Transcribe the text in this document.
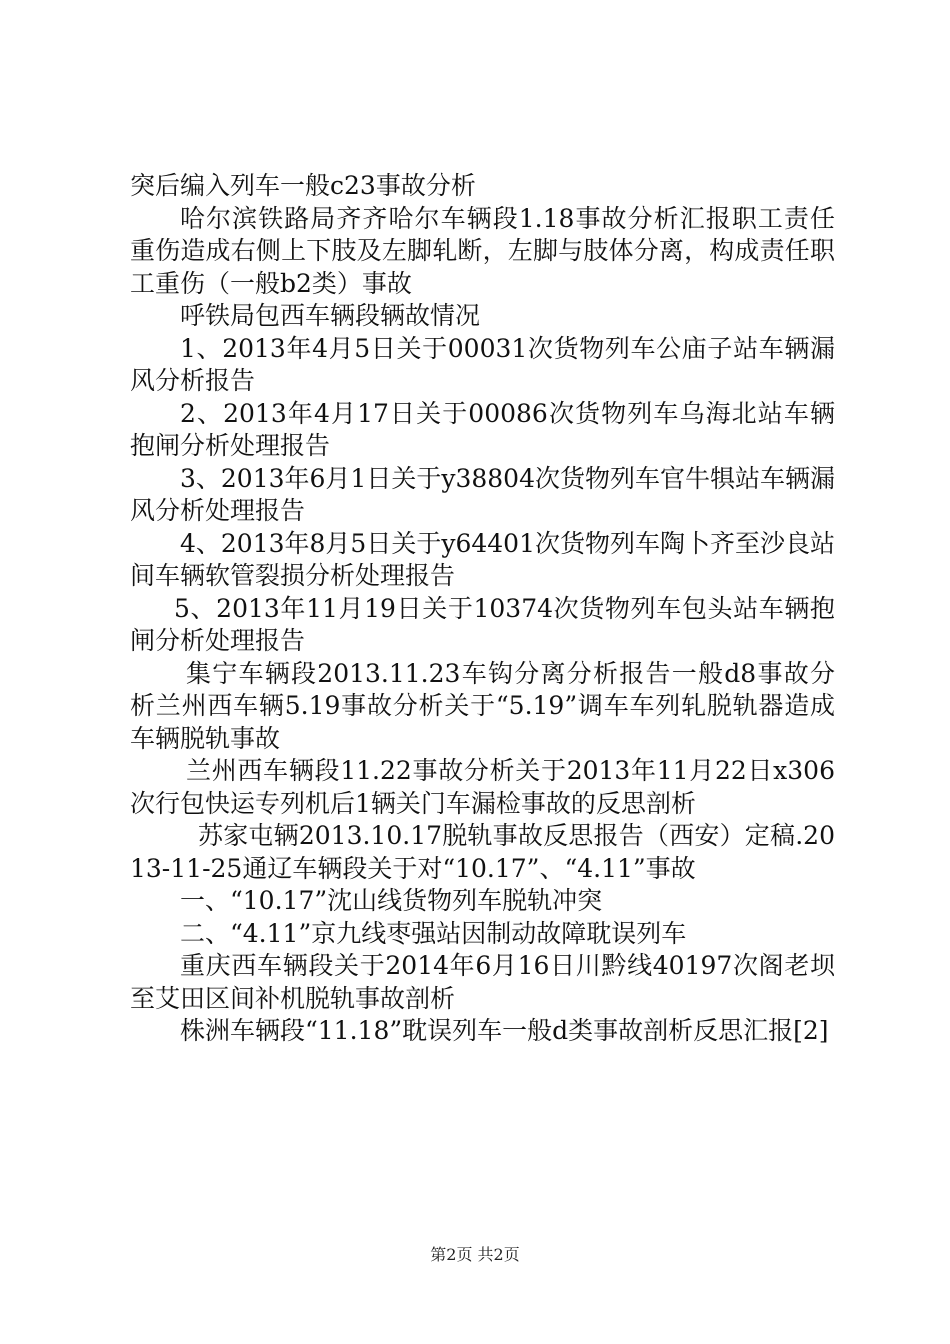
突后编入列车一般c23事故分析

哈尔滨铁路局齐齐哈尔车辆段1.18事故分析汇报职工责任重伤造成右侧上下肢及左脚轧断，左脚与肢体分离，构成责任职工重伤（一般b2类）事故

呼铁局包西车辆段辆故情况

1、2013年4月5日关于00031次货物列车公庙子站车辆漏风分析报告

2、2013年4月17日关于00086次货物列车乌海北站车辆抱闸分析处理报告

3、2013年6月1日关于y38804次货物列车官牛犋站车辆漏风分析处理报告

4、2013年8月5日关于y64401次货物列车陶卜齐至沙良站间车辆软管裂损分析处理报告

5、2013年11月19日关于10374次货物列车包头站车辆抱闸分析处理报告

集宁车辆段2013.11.23车钩分离分析报告一般d8事故分析兰州西车辆5.19事故分析关于“5.19”调车车列轧脱轨器造成车辆脱轨事故

兰州西车辆段11.22事故分析关于2013年11月22日x306次行包快运专列机后1辆关门车漏检事故的反思剖析

苏家屯辆2013.10.17脱轨事故反思报告（西安）定稿.2013-11-25通辽车辆段关于对“10.17”、“4.11”事故

一、“10.17”沈山线货物列车脱轨冲突

二、“4.11”京九线枣强站因制动故障耽误列车

重庆西车辆段关于2014年6月16日川黔线40197次阁老坝至艾田区间补机脱轨事故剖析

株洲车辆段“11.18”耽误列车一般d类事故剖析反思汇报[2]

第2页 共2页
